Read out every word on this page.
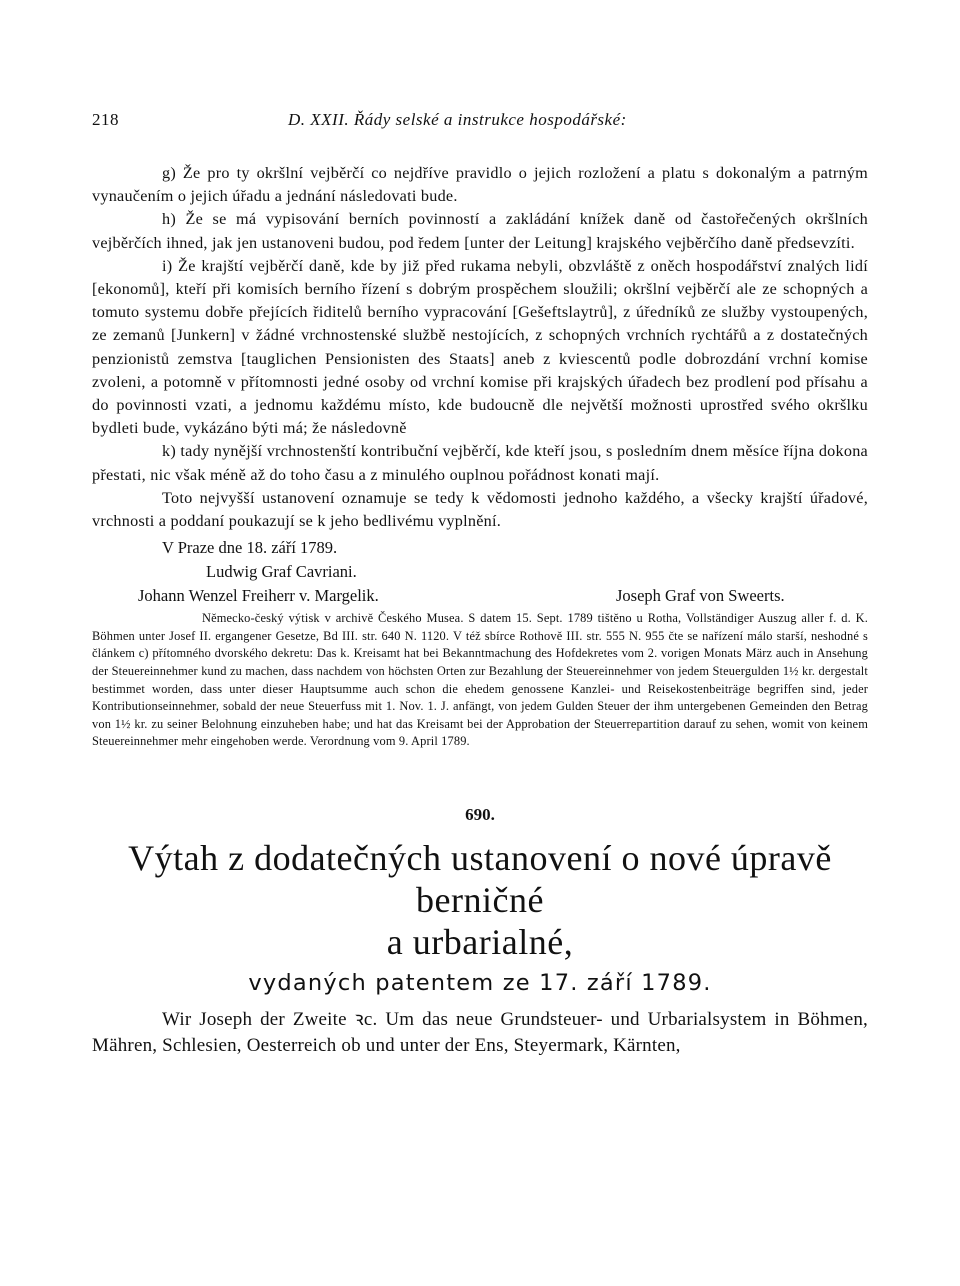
218	D. XXII. Řády selské a instrukce hospodářské:

g) Že pro ty okršlní vejběrčí co nejdříve pravidlo o jejich rozložení a platu s dokonalým a patrným vynaučením o jejich úřadu a jednání následovati bude.

h) Že se má vypisování berních povinností a zakládání knížek daně od častořečených okršlních vejběrčích ihned, jak jen ustanoveni budou, pod ředem [unter der Leitung] krajského vejběrčího daně předsevzíti.

i) Že krajští vejběrčí daně, kde by již před rukama nebyli, obzvláště z oněch hospodářství znalých lidí [ekonomů], kteří při komisích berního řízení s dobrým prospěchem sloužili; okršlní vejběrčí ale ze schopných a tomuto systemu dobře přejících řiditelů berního vypracování [Gešeftslaytrů], z úředníků ze služby vystoupených, ze zemanů [Junkern] v žádné vrchnostenské službě nestojících, z schopných vrchních rychtářů a z dostatečných penzionistů zemstva [tauglichen Pensionisten des Staats] aneb z kviescentů podle dobrozdání vrchní komise zvoleni, a potomně v přítomnosti jedné osoby od vrchní komise při krajských úřadech bez prodlení pod přísahu a do povinnosti vzati, a jednomu každému místo, kde budoucně dle největší možnosti uprostřed svého okršlku bydleti bude, vykázáno býti má; že následovně

k) tady nynější vrchnostenští kontribuční vejběrčí, kde kteří jsou, s posledním dnem měsíce října dokona přestati, nic však méně až do toho času a z minulého ouplnou pořádnost konati mají.

Toto nejvyšší ustanovení oznamuje se tedy k vědomosti jednoho každého, a všecky krajští úřadové, vrchnosti a poddaní poukazují se k jeho bedlivému vyplnění.

V Praze dne 18. září 1789.
Ludwig Graf Cavriani.
Johann Wenzel Freiherr v. Margelik.	Joseph Graf von Sweerts.

Německo-český výtisk v archivě Českého Musea. S datem 15. Sept. 1789 tištěno u Rotha, Vollständiger Auszug aller f. d. K. Böhmen unter Josef II. ergangener Gesetze, Bd III. str. 640 N. 1120. V též sbírce Rothově III. str. 555 N. 955 čte se nařízení málo starší, neshodné s článkem c) přítomného dvorského dekretu: Das k. Kreisamt hat bei Bekanntmachung des Hofdekretes vom 2. vorigen Monats März auch in Ansehung der Steuereinnehmer kund zu machen, dass nachdem von höchsten Orten zur Bezahlung der Steuereinnehmer von jedem Steuergulden 1½ kr. dergestalt bestimmet worden, dass unter dieser Hauptsumme auch schon die ehedem genossene Kanzlei- und Reisekostenbeiträge begriffen sind, jeder Kontributionseinnehmer, sobald der neue Steuerfuss mit 1. Nov. 1. J. anfängt, von jedem Gulden Steuer der ihm untergebenen Gemeinden den Betrag von 1½ kr. zu seiner Belohnung einzuheben habe; und hat das Kreisamt bei der Approbation der Steuerrepartition darauf zu sehen, womit von keinem Steuereinnehmer mehr eingehoben werde. Verordnung vom 9. April 1789.

690.
Výtah z dodatečných ustanovení o nové úpravě berničné
a urbarialné,
vydaných patentem ze 17. září 1789.

Wir Joseph der Zweite ꝛc. Um das neue Grundsteuer- und Urbarialsystem in Böhmen, Mähren, Schlesien, Oesterreich ob und unter der Ens, Steyermark, Kärnten,
